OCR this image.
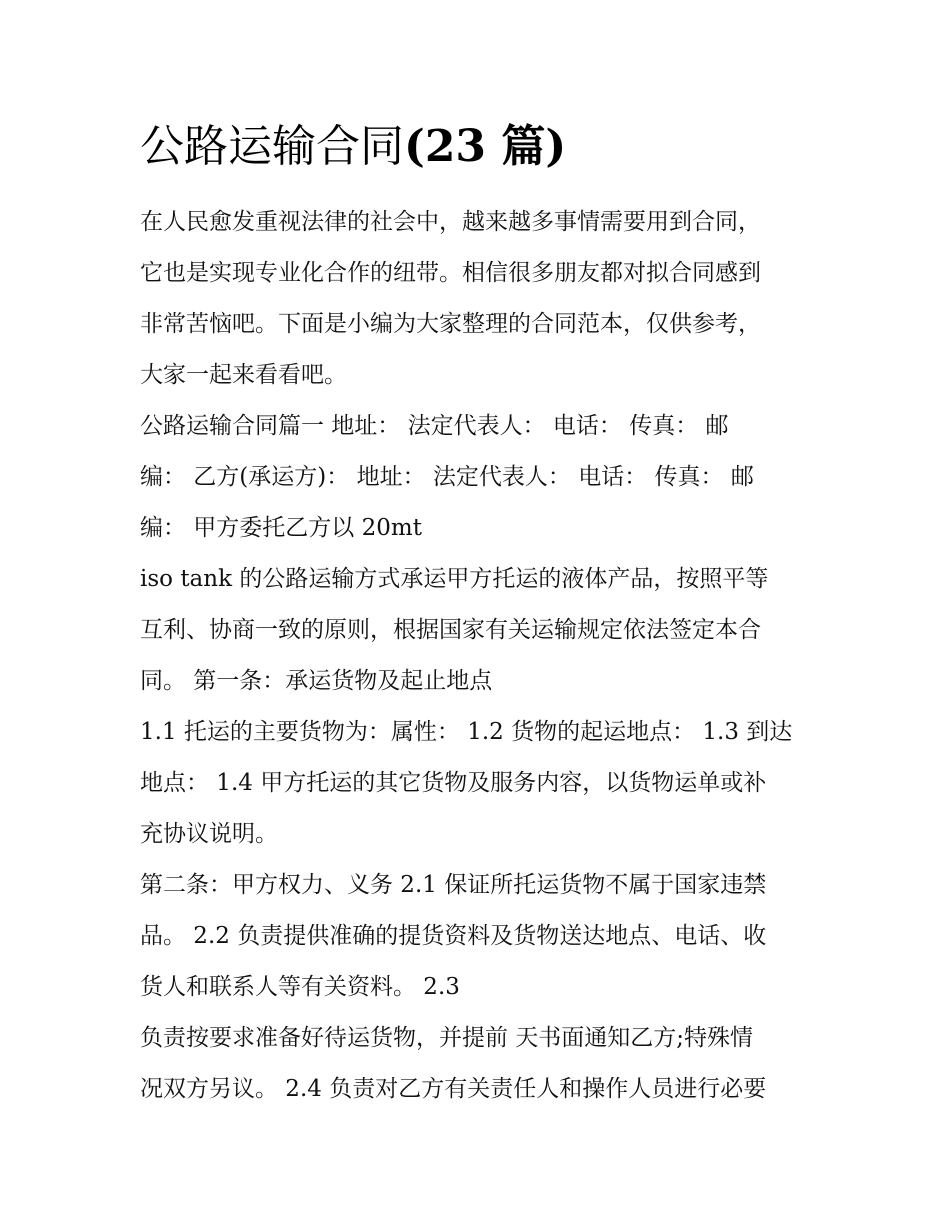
公路运输合同(23 篇)
在人民愈发重视法律的社会中，越来越多事情需要用到合同，
它也是实现专业化合作的纽带。相信很多朋友都对拟合同感到
非常苦恼吧。下面是小编为大家整理的合同范本，仅供参考，
大家一起来看看吧。
公路运输合同篇一 地址： 法定代表人： 电话： 传真： 邮
编： 乙方(承运方)： 地址： 法定代表人： 电话： 传真： 邮
编： 甲方委托乙方以 20mt
iso tank 的公路运输方式承运甲方托运的液体产品，按照平等
互利、协商一致的原则，根据国家有关运输规定依法签定本合
同。 第一条：承运货物及起止地点
1.1 托运的主要货物为：属性： 1.2 货物的起运地点： 1.3 到达
地点： 1.4 甲方托运的其它货物及服务内容，以货物运单或补
充协议说明。
第二条：甲方权力、义务 2.1 保证所托运货物不属于国家违禁
品。 2.2 负责提供准确的提货资料及货物送达地点、电话、收
货人和联系人等有关资料。 2.3
负责按要求准备好待运货物，并提前 天书面通知乙方;特殊情
况双方另议。 2.4 负责对乙方有关责任人和操作人员进行必要
